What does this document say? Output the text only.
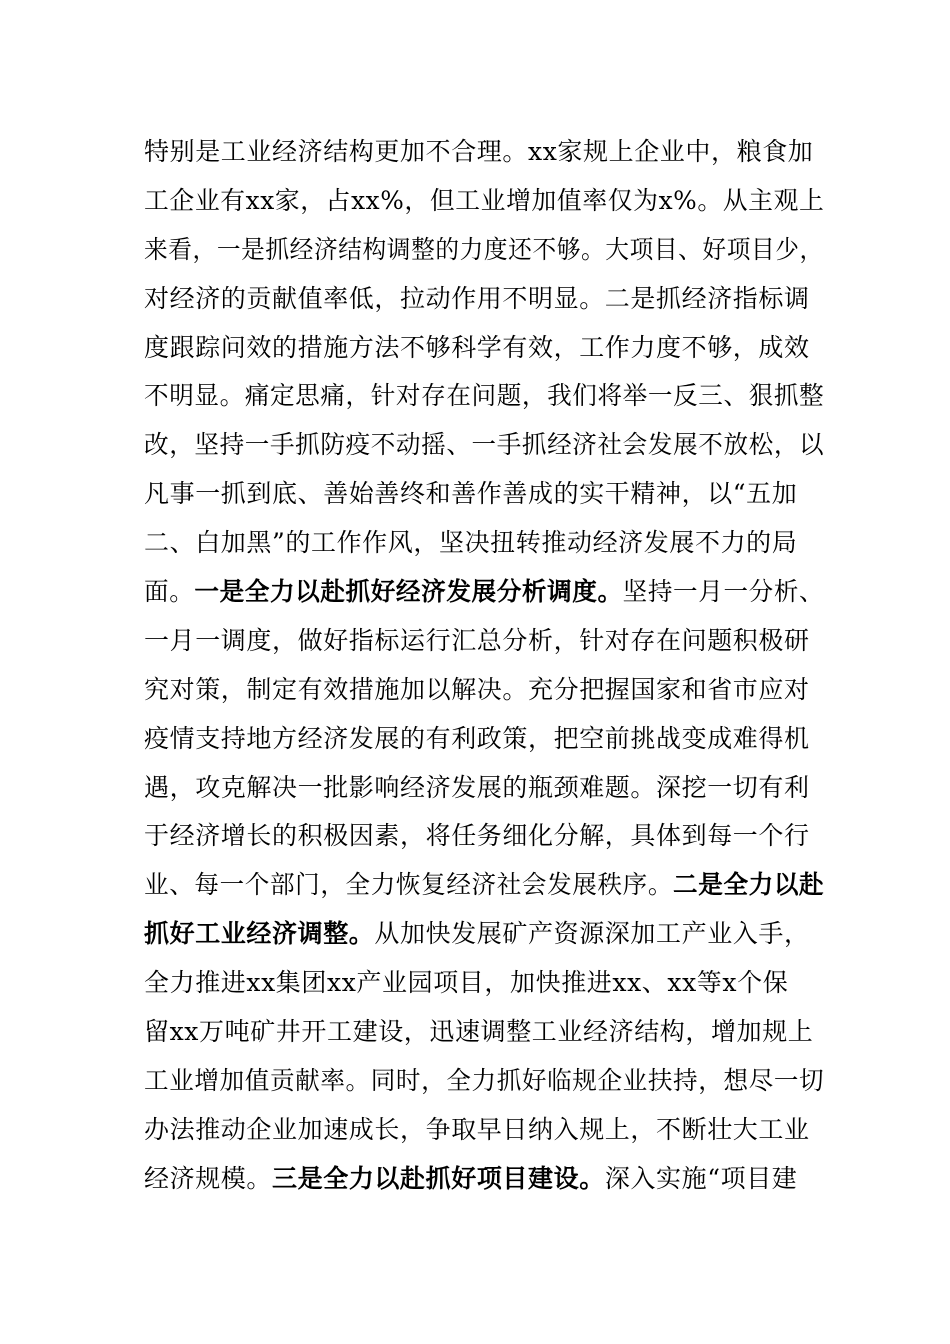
特别是工业经济结构更加不合理。xx家规上企业中，粮食加
工企业有xx家，占xx%，但工业增加值率仅为x%。从主观上
来看，一是抓经济结构调整的力度还不够。大项目、好项目少，
对经济的贡献值率低，拉动作用不明显。二是抓经济指标调
度跟踪问效的措施方法不够科学有效，工作力度不够，成效
不明显。痛定思痛，针对存在问题，我们将举一反三、狠抓整
改，坚持一手抓防疫不动摇、一手抓经济社会发展不放松，以
凡事一抓到底、善始善终和善作善成的实干精神，以“五加
二、白加黑”的工作作风，坚决扭转推动经济发展不力的局
面。一是全力以赴抓好经济发展分析调度。坚持一月一分析、
一月一调度，做好指标运行汇总分析，针对存在问题积极研
究对策，制定有效措施加以解决。充分把握国家和省市应对
疫情支持地方经济发展的有利政策，把空前挑战变成难得机
遇，攻克解决一批影响经济发展的瓶颈难题。深挖一切有利
于经济增长的积极因素，将任务细化分解，具体到每一个行
业、每一个部门，全力恢复经济社会发展秩序。二是全力以赴
抓好工业经济调整。从加快发展矿产资源深加工产业入手，
全力推进xx集团xx产业园项目，加快推进xx、xx等x个保
留xx万吨矿井开工建设，迅速调整工业经济结构，增加规上
工业增加值贡献率。同时，全力抓好临规企业扶持，想尽一切
办法推动企业加速成长，争取早日纳入规上，不断壮大工业
经济规模。三是全力以赴抓好项目建设。深入实施“项目建
